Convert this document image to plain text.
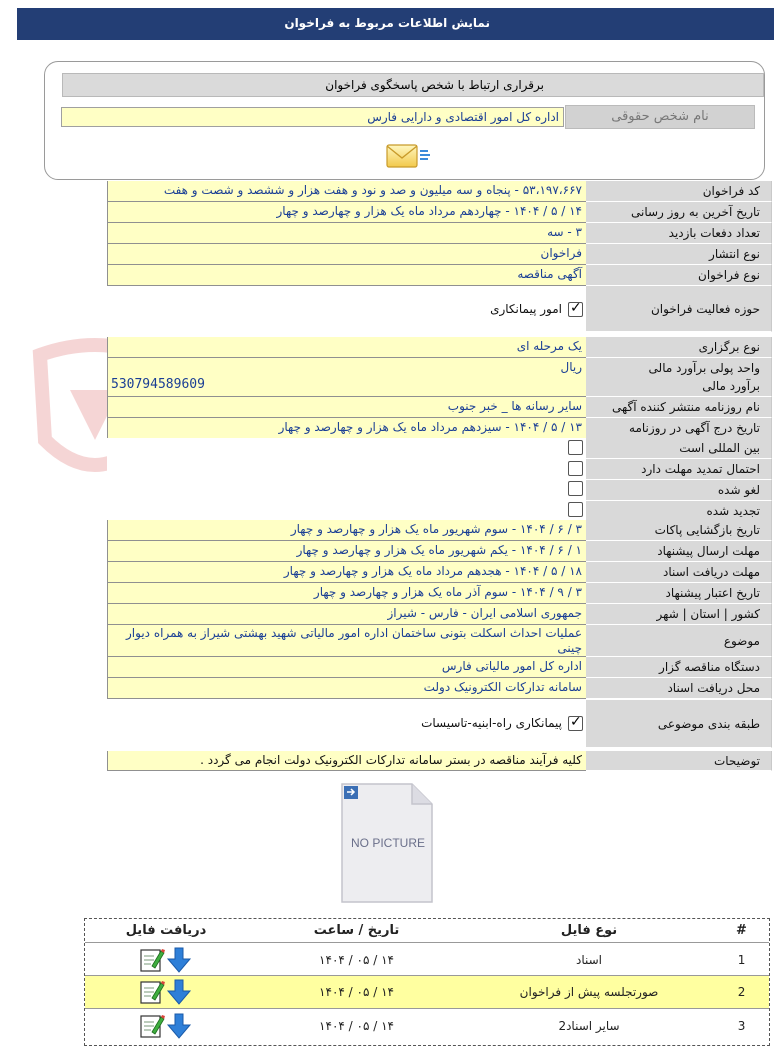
نمایش اطلاعات مربوط به فراخوان
برقراری ارتباط با شخص پاسخگوی فراخوان
نام شخص حقوقی
اداره کل امور اقتصادی و دارایی فارس
کد فراخوان
۵۳،۱۹۷،۶۶۷ - پنجاه و سه میلیون و صد و نود و هفت هزار و ششصد و شصت و هفت
تاریخ آخرین به روز رسانی
۱۴ / ۵ / ۱۴۰۴ - چهاردهم مرداد ماه یک هزار و چهارصد و چهار
تعداد دفعات بازدید
۳ - سه
نوع انتشار
فراخوان
نوع فراخوان
آگهی مناقصه
حوزه فعالیت فراخوان
✓
امور پیمانکاری
نوع برگزاری
یک مرحله ای
واحد پولی برآورد مالی
ریال
برآورد مالی
530794589609
نام روزنامه منتشر کننده آگهی
سایر رسانه ها _ خبر جنوب
تاریخ درج آگهی در روزنامه
۱۳ / ۵ / ۱۴۰۴ - سیزدهم مرداد ماه یک هزار و چهارصد و چهار
بین المللی است
احتمال تمدید مهلت دارد
لغو شده
تجدید شده
تاریخ بازگشایی پاکات
۳ / ۶ / ۱۴۰۴ - سوم شهریور ماه یک هزار و چهارصد و چهار
مهلت ارسال پیشنهاد
۱ / ۶ / ۱۴۰۴ - یکم شهریور ماه یک هزار و چهارصد و چهار
مهلت دریافت اسناد
۱۸ / ۵ / ۱۴۰۴ - هجدهم مرداد ماه یک هزار و چهارصد و چهار
تاریخ اعتبار پیشنهاد
۳ / ۹ / ۱۴۰۴ - سوم آذر ماه یک هزار و چهارصد و چهار
کشور | استان | شهر
جمهوری اسلامی ایران - فارس - شیراز
موضوع
عملیات احداث اسکلت بتونی ساختمان اداره امور مالیاتی شهید بهشتی شیراز به همراه دیوار چینی
دستگاه مناقصه گزار
اداره کل امور مالیاتی فارس
محل دریافت اسناد
سامانه تدارکات الکترونیک دولت
طبقه بندی موضوعی
✓
پیمانکاری راه-ابنیه-تاسیسات
توضیحات
کلیه فرآیند مناقصه در بستر سامانه تدارکات الکترونیک دولت انجام می گردد .
NO PICTURE
#
نوع فایل
تاریخ / ساعت
دریافت فایل
1
اسناد
۱۴ / ۰۵ / ۱۴۰۴
2
صورتجلسه پیش از فراخوان
۱۴ / ۰۵ / ۱۴۰۴
3
سایر اسناد2
۱۴ / ۰۵ / ۱۴۰۴
